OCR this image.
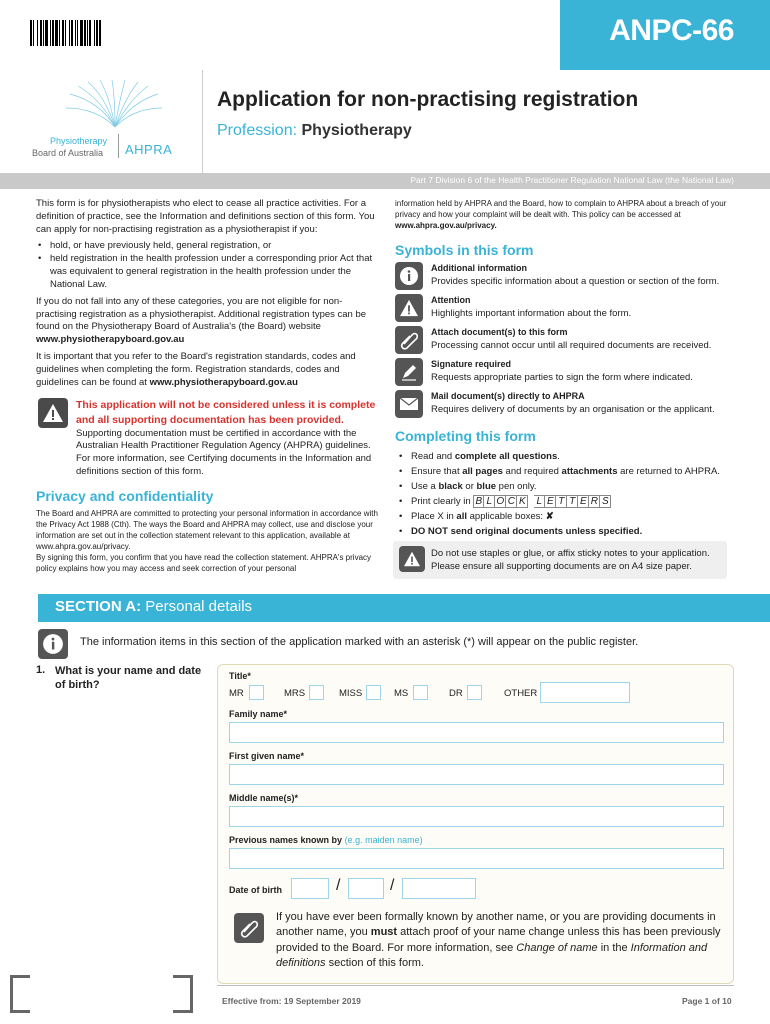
ANPC-66
Physiotherapy
Board of Australia AHPRA
Application for non-practising registration
Profession: Physiotherapy
Part 7 Division 6 of the Health Practitioner Regulation National Law (the National Law)
This form is for physiotherapists who elect to cease all practice activities. For a definition of practice, see the Information and definitions section of this form. You can apply for non-practising registration as a physiotherapist if you:
• hold, or have previously held, general registration, or
• held registration in the health profession under a corresponding prior Act that was equivalent to general registration in the health profession under the National Law.
If you do not fall into any of these categories, you are not eligible for non-practising registration as a physiotherapist. Additional registration types can be found on the Physiotherapy Board of Australia's (the Board) website www.physiotherapyboard.gov.au
It is important that you refer to the Board's registration standards, codes and guidelines when completing the form. Registration standards, codes and guidelines can be found at www.physiotherapyboard.gov.au
This application will not be considered unless it is complete and all supporting documentation has been provided. Supporting documentation must be certified in accordance with the Australian Health Practitioner Regulation Agency (AHPRA) guidelines. For more information, see Certifying documents in the Information and definitions section of this form.
Privacy and confidentiality
The Board and AHPRA are committed to protecting your personal information in accordance with the Privacy Act 1988 (Cth). The ways the Board and AHPRA may collect, use and disclose your information are set out in the collection statement relevant to this application, available at www.ahpra.gov.au/privacy.
By signing this form, you confirm that you have read the collection statement. AHPRA's privacy policy explains how you may access and seek correction of your personal
information held by AHPRA and the Board, how to complain to AHPRA about a breach of your privacy and how your complaint will be dealt with. This policy can be accessed at www.ahpra.gov.au/privacy.
Symbols in this form
Additional information
Provides specific information about a question or section of the form.
Attention
Highlights important information about the form.
Attach document(s) to this form
Processing cannot occur until all required documents are received.
Signature required
Requests appropriate parties to sign the form where indicated.
Mail document(s) directly to AHPRA
Requires delivery of documents by an organisation or the applicant.
Completing this form
• Read and complete all questions.
• Ensure that all pages and required attachments are returned to AHPRA.
• Use a black or blue pen only.
• Print clearly in B L O C K L E T T E R S
• Place X in all applicable boxes: ✘
• DO NOT send original documents unless specified.
Do not use staples or glue, or affix sticky notes to your application.
Please ensure all supporting documents are on A4 size paper.
SECTION A: Personal details
The information items in this section of the application marked with an asterisk (*) will appear on the public register.
1. What is your name and date of birth?
Title*
MR	MRS	MISS	MS	DR	OTHER
Family name*
First given name*
Middle name(s)*
Previous names known by (e.g. maiden name)
Date of birth	/	/
If you have ever been formally known by another name, or you are providing documents in another name, you must attach proof of your name change unless this has been previously provided to the Board. For more information, see Change of name in the Information and definitions section of this form.
Effective from: 19 September 2019	Page 1 of 10
